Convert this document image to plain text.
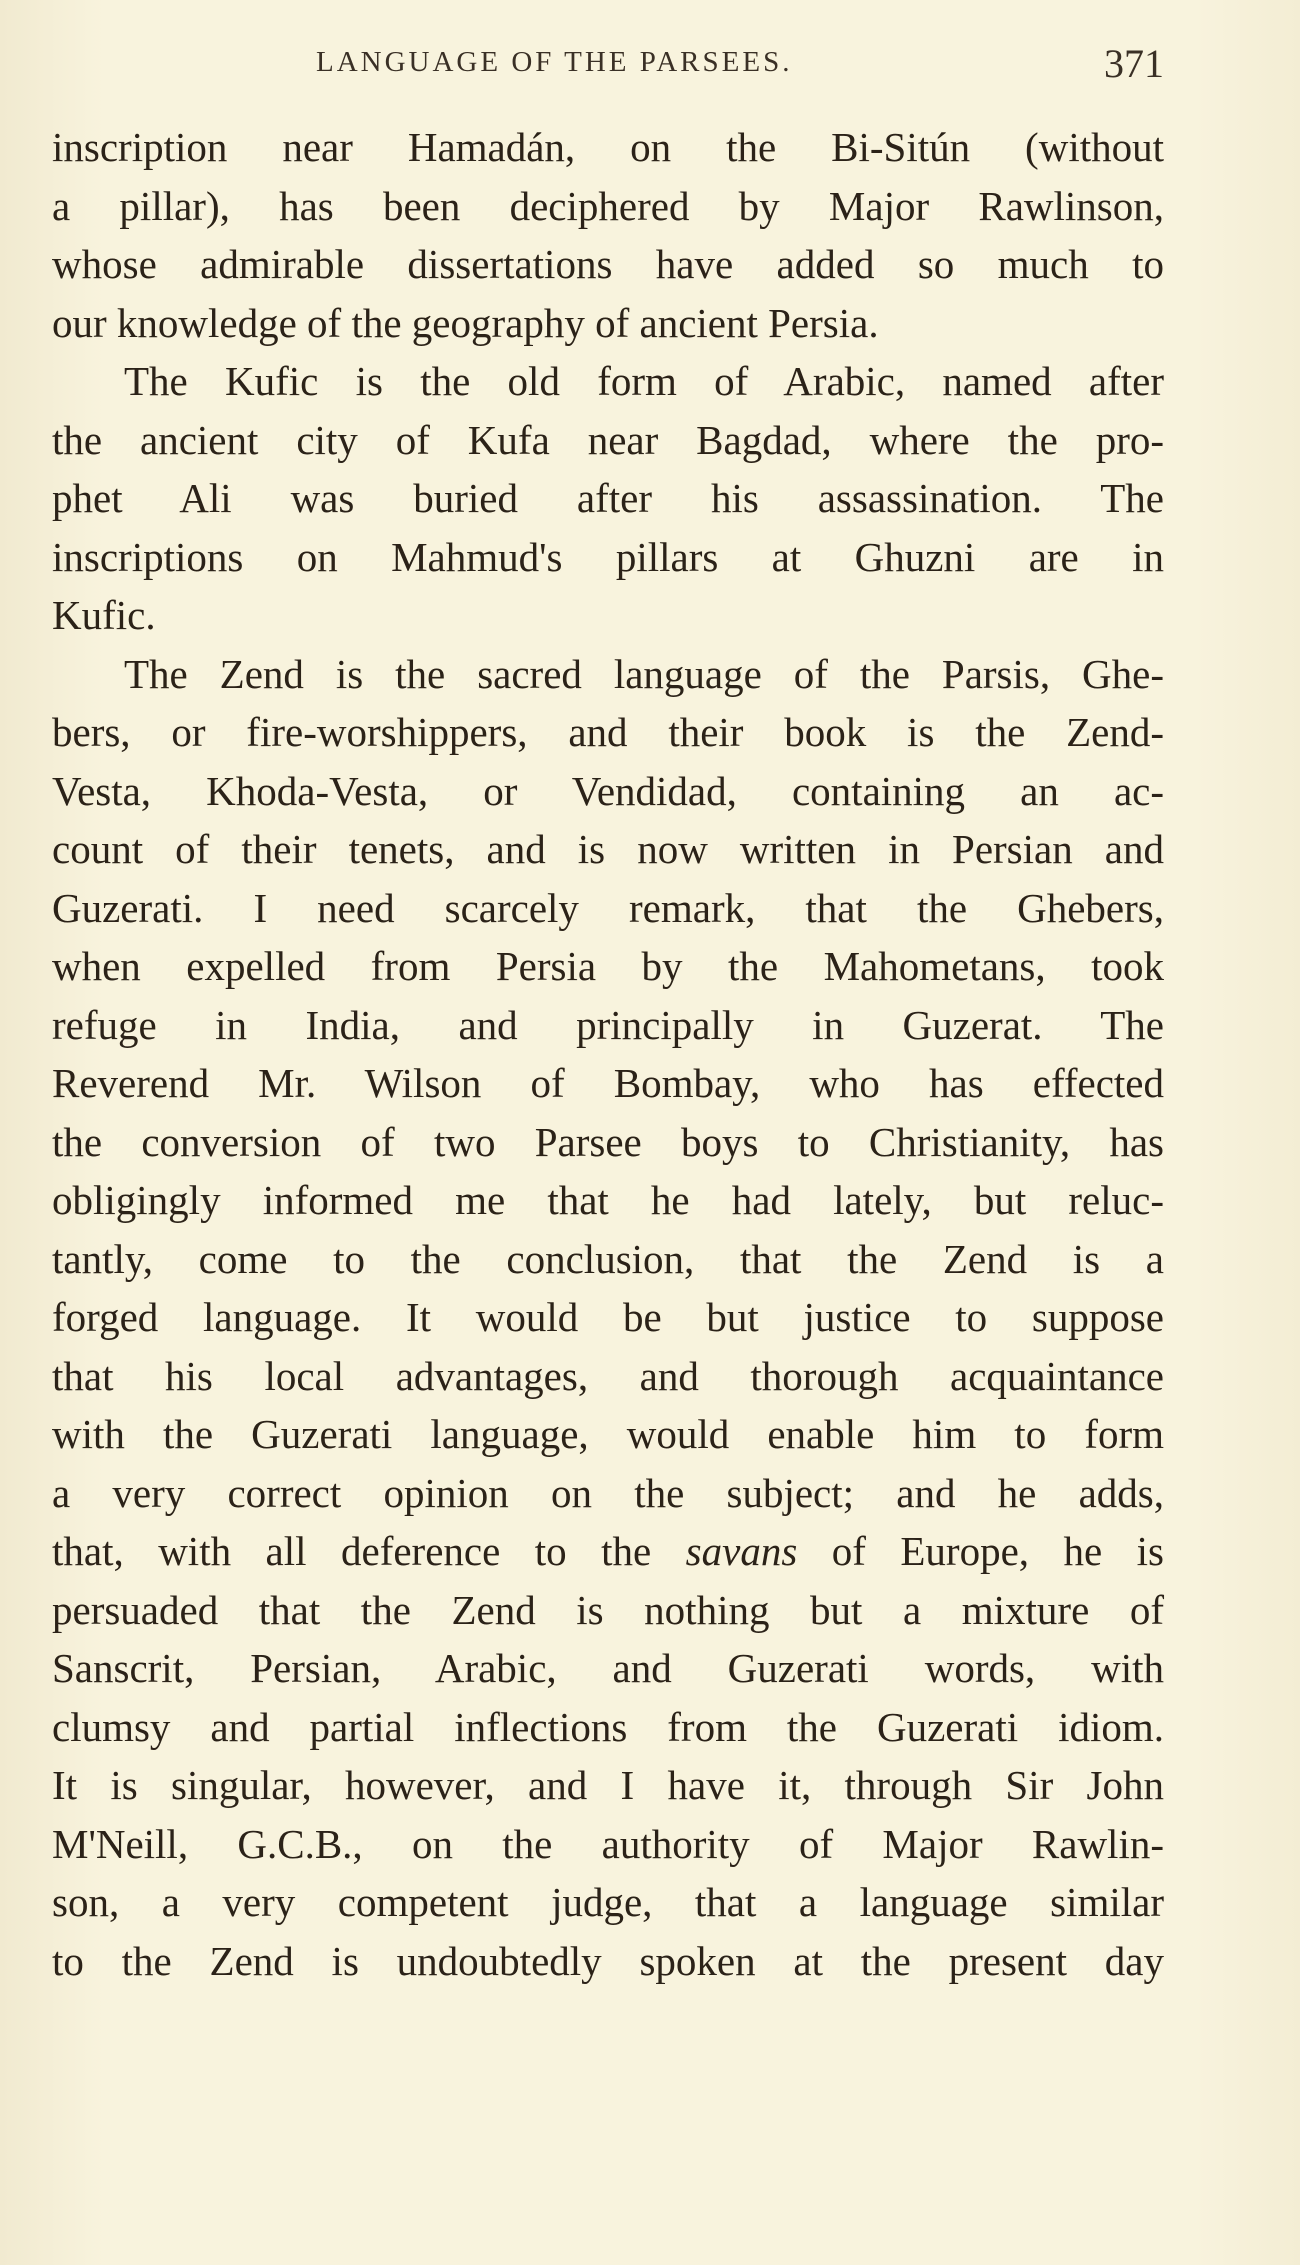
LANGUAGE OF THE PARSEES.	371
inscription near Hamadán, on the Bi-Sitún (without
a pillar), has been deciphered by Major Rawlinson,
whose admirable dissertations have added so much to
our knowledge of the geography of ancient Persia.
The Kufic is the old form of Arabic, named after
the ancient city of Kufa near Bagdad, where the pro-
phet Ali was buried after his assassination. The
inscriptions on Mahmud's pillars at Ghuzni are in
Kufic.
The Zend is the sacred language of the Parsis, Ghe-
bers, or fire-worshippers, and their book is the Zend-
Vesta, Khoda-Vesta, or Vendidad, containing an ac-
count of their tenets, and is now written in Persian and
Guzerati. I need scarcely remark, that the Ghebers,
when expelled from Persia by the Mahometans, took
refuge in India, and principally in Guzerat. The
Reverend Mr. Wilson of Bombay, who has effected
the conversion of two Parsee boys to Christianity, has
obligingly informed me that he had lately, but reluc-
tantly, come to the conclusion, that the Zend is a
forged language. It would be but justice to suppose
that his local advantages, and thorough acquaintance
with the Guzerati language, would enable him to form
a very correct opinion on the subject; and he adds,
that, with all deference to the savans of Europe, he is
persuaded that the Zend is nothing but a mixture of
Sanscrit, Persian, Arabic, and Guzerati words, with
clumsy and partial inflections from the Guzerati idiom.
It is singular, however, and I have it, through Sir John
M'Neill, G.C.B., on the authority of Major Rawlin-
son, a very competent judge, that a language similar
to the Zend is undoubtedly spoken at the present day
